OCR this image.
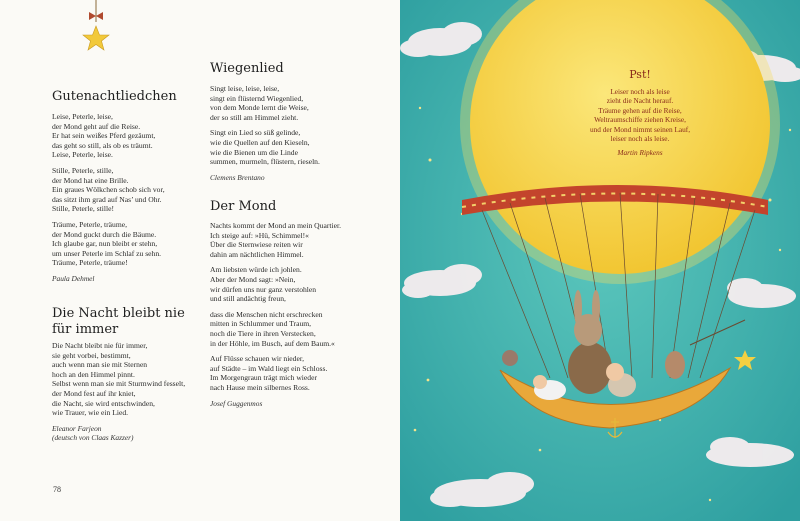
Gutenachtliedchen

Leise, Peterle, leise,
der Mond geht auf die Reise.
Er hat sein weißes Pferd gezäumt,
das geht so still, als ob es träumt.
Leise, Peterle, leise.

Stille, Peterle, stille,
der Mond hat eine Brille.
Ein graues Wölkchen schob sich vor,
das sitzt ihm grad auf Nas’ und Ohr.
Stille, Peterle, stille!

Träume, Peterle, träume,
der Mond guckt durch die Bäume.
Ich glaube gar, nun bleibt er stehn,
um unser Peterle im Schlaf zu sehn.
Träume, Peterle, träume!

Paula Dehmel
Die Nacht bleibt nie
für immer

Die Nacht bleibt nie für immer,
sie geht vorbei, bestimmt,
auch wenn man sie mit Sternen
hoch an den Himmel pinnt.
Selbst wenn man sie mit Sturmwind fesselt,
der Mond fest auf ihr kniet,
die Nacht, sie wird entschwinden,
wie Trauer, wie ein Lied.

Eleanor Farjeon
(deutsch von Claas Kazzer)
Wiegenlied

Singt leise, leise, leise,
singt ein flüsternd Wiegenlied,
von dem Monde lernt die Weise,
der so still am Himmel zieht.

Singt ein Lied so süß gelinde,
wie die Quellen auf den Kieseln,
wie die Bienen um die Linde
summen, murmeln, flüstern, rieseln.

Clemens Brentano
Der Mond

Nachts kommt der Mond an mein Quartier.
Ich steige auf: »Hü, Schimmel!«
Über die Sternwiese reiten wir
dahin am nächtlichen Himmel.

Am liebsten würde ich johlen.
Aber der Mond sagt: »Nein,
wir dürfen uns nur ganz verstohlen
und still andächtig freun,

dass die Menschen nicht erschrecken
mitten in Schlummer und Traum,
noch die Tiere in ihren Verstecken,
in der Höhle, im Busch, auf dem Baum.«

Auf Flüsse schauen wir nieder,
auf Städte – im Wald liegt ein Schloss.
Im Morgengraun trägt mich wieder
nach Hause mein silbernes Ross.

Josef Guggenmos
78
Pst!
Leiser noch als leise
zieht die Nacht herauf.
Träume gehen auf die Reise,
Weltraumschiffe ziehen Kreise,
und der Mond nimmt seinen Lauf,
leiser noch als leise.
Martin Ripkens
